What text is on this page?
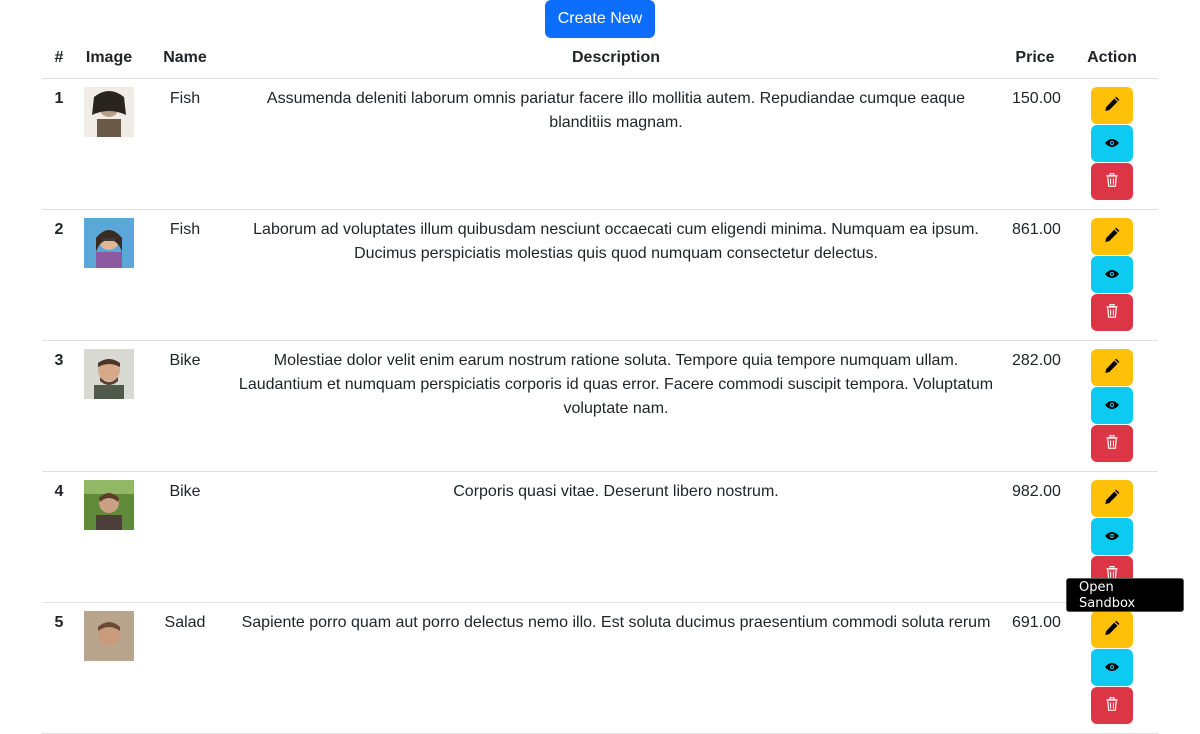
Create New
#	Image	Name	Description	Price	Action

1		Fish	Assumenda deleniti laborum omnis pariatur facere illo mollitia autem. Repudiandae cumque eaque blanditiis magnam.	150.00

2		Fish	Laborum ad voluptates illum quibusdam nesciunt occaecati cum eligendi minima. Numquam ea ipsum. Ducimus perspiciatis molestias quis quod numquam consectetur delectus.	861.00

3		Bike	Molestiae dolor velit enim earum nostrum ratione soluta. Tempore quia tempore numquam ullam. Laudantium et numquam perspiciatis corporis id quas error. Facere commodi suscipit tempora. Voluptatum voluptate nam.	282.00

4		Bike	Corporis quasi vitae. Deserunt libero nostrum.	982.00

5		Salad	Sapiente porro quam aut porro delectus nemo illo. Est soluta ducimus praesentium commodi soluta rerum	691.00

Open Sandbox
